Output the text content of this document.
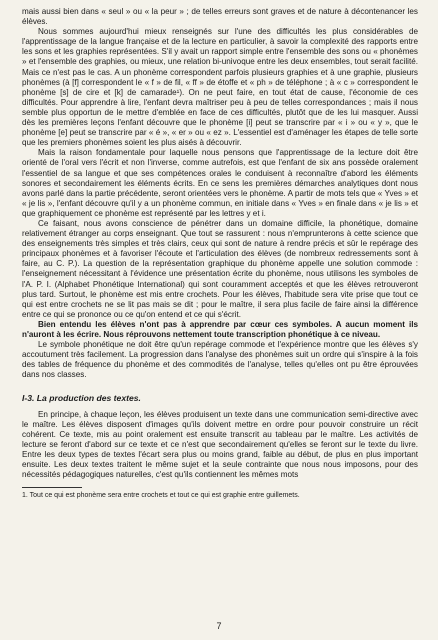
mais aussi bien dans « seul » ou « la peur » ; de telles erreurs sont graves et de nature à décontenancer les élèves.

Nous sommes aujourd'hui mieux renseignés sur l'une des difficultés les plus considérables de l'apprentissage de la langue française et de la lecture en particulier, à savoir la complexité des rapports entre les sons et les graphies représentées. S'il y avait un rapport simple entre l'ensemble des sons ou « phonèmes » et l'ensemble des graphies, ou mieux, une relation bi-univoque entre les deux ensembles, tout serait facilité. Mais ce n'est pas le cas. A un phonème correspondent parfois plusieurs graphies et à une graphie, plusieurs phonèmes (à [f] correspondent le « f » de fil, « ff » de étoffe et « ph » de téléphone ; à « c » correspondent le phonème [s] de cire et [k] de camarade¹). On ne peut faire, en tout état de cause, l'économie de ces difficultés. Pour apprendre à lire, l'enfant devra maîtriser peu à peu de telles correspondances ; mais il nous semble plus opportun de le mettre d'emblée en face de ces difficultés, plutôt que de les lui masquer. Aussi dès les premières leçons l'enfant découvre que le phonème [i] peut se transcrire par « i » ou « y », que le phonème [e] peut se transcrire par « é », « er » ou « ez ». L'essentiel est d'aménager les étapes de telle sorte que les premiers phonèmes soient les plus aisés à découvrir.

Mais la raison fondamentale pour laquelle nous pensons que l'apprentissage de la lecture doit être orienté de l'oral vers l'écrit et non l'inverse, comme autrefois, est que l'enfant de six ans possède oralement l'essentiel de sa langue et que ses compétences orales le conduisent à reconnaître d'abord les éléments sonores et secondairement les éléments écrits. En ce sens les premières démarches analytiques dont nous avons parlé dans la partie précédente, seront orientées vers le phonème. A partir de mots tels que « Yves » et « je lis », l'enfant découvre qu'il y a un phonème commun, en initiale dans « Yves » en finale dans « je lis » et que graphiquement ce phonème est représenté par les lettres y et i.

Ce faisant, nous avons conscience de pénétrer dans un domaine difficile, la phonétique, domaine relativement étranger au corps enseignant. Que tout se rassurent : nous n'emprunterons à cette science que des enseignements très simples et très clairs, ceux qui sont de nature à rendre précis et sûr le repérage des principaux phonèmes et à favoriser l'écoute et l'articulation des élèves (de nombreux redressements sont à faire, au C. P.). La question de la représentation graphique du phonème appelle une solution commode : l'enseignement nécessitant à l'évidence une présentation écrite du phonème, nous utilisons les symboles de l'A. P. I. (Alphabet Phonétique International) qui sont couramment acceptés et que les élèves retrouveront plus tard. Surtout, le phonème est mis entre crochets. Pour les élèves, l'habitude sera vite prise que tout ce qui est entre crochets ne se lit pas mais se dit ; pour le maître, il sera plus facile de faire ainsi la différence entre ce qui se prononce ou ce qu'on entend et ce qui s'écrit.

Bien entendu les élèves n'ont pas à apprendre par cœur ces symboles. A aucun moment ils n'auront à les écrire. Nous réprouvons nettement toute transcription phonétique à ce niveau.

Le symbole phonétique ne doit être qu'un repérage commode et l'expérience montre que les élèves s'y accoutument très facilement. La progression dans l'analyse des phonèmes suit un ordre qui s'inspire à la fois des tables de fréquence du phonème et des commodités de l'analyse, telles qu'elles ont pu être éprouvées dans nos classes.

I-3. La production des textes.

En principe, à chaque leçon, les élèves produisent un texte dans une communication semi-directive avec le maître. Les élèves disposent d'images qu'ils doivent mettre en ordre pour pouvoir construire un récit cohérent. Ce texte, mis au point oralement est ensuite transcrit au tableau par le maître. Les activités de lecture se feront d'abord sur ce texte et ce n'est que secondairement qu'elles se feront sur le texte du livre. Entre les deux types de textes l'écart sera plus ou moins grand, faible au début, de plus en plus important ensuite. Les deux textes traitent le même sujet et la seule contrainte que nous nous imposons, pour des nécessités pédagogiques naturelles, c'est qu'ils contiennent les mêmes mots

1. Tout ce qui est phonème sera entre crochets et tout ce qui est graphie entre guillemets.

7
